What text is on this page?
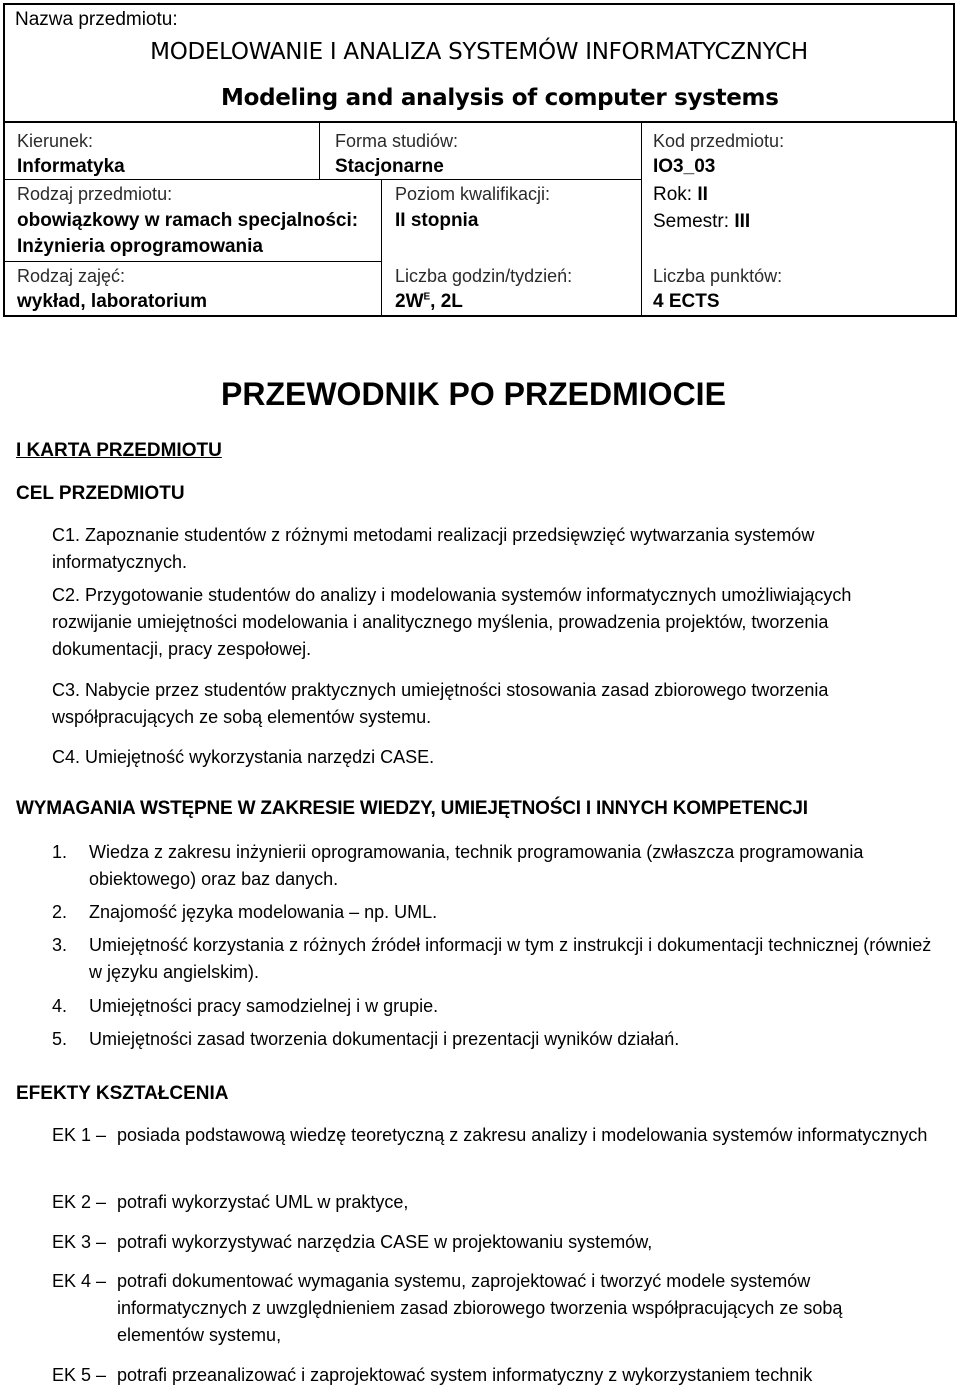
Nazwa przedmiotu:
MODELOWANIE I ANALIZA SYSTEMÓW INFORMATYCZNYCH
Modeling and analysis of computer systems
Kierunek:
Informatyka
Forma studiów:
Stacjonarne
Kod przedmiotu:
IO3_03
Rodzaj przedmiotu:
obowiązkowy w ramach specjalności:
Inżynieria oprogramowania
Poziom kwalifikacji:
II stopnia
Rok: II
Semestr: III
Rodzaj zajęć:
wykład, laboratorium
Liczba godzin/tydzień:
$2W^E$, 2L
Liczba punktów:
4 ECTS
PRZEWODNIK PO PRZEDMIOCIE
I KARTA PRZEDMIOTU
CEL PRZEDMIOTU
C1. Zapoznanie studentów z różnymi metodami realizacji przedsięwzięć wytwarzania systemów informatycznych.
C2. Przygotowanie studentów do analizy i modelowania systemów informatycznych umożliwiających rozwijanie umiejętności modelowania i analitycznego myślenia, prowadzenia projektów, tworzenia dokumentacji, pracy zespołowej.
C3. Nabycie przez studentów praktycznych umiejętności stosowania zasad zbiorowego tworzenia współpracujących ze sobą elementów systemu.
C4. Umiejętność wykorzystania narzędzi CASE.
WYMAGANIA WSTĘPNE W ZAKRESIE WIEDZY, UMIEJĘTNOŚCI I INNYCH KOMPETENCJI
1. Wiedza z zakresu inżynierii oprogramowania, technik programowania (zwłaszcza programowania obiektowego) oraz baz danych.
2. Znajomość języka modelowania – np. UML.
3. Umiejętność korzystania z różnych źródeł informacji w tym z instrukcji i dokumentacji technicznej (również w języku angielskim).
4. Umiejętności pracy samodzielnej i w grupie.
5. Umiejętności zasad tworzenia dokumentacji i prezentacji wyników działań.
EFEKTY KSZTAŁCENIA
EK 1 – posiada podstawową wiedzę teoretyczną z zakresu analizy i modelowania systemów informatycznych
EK 2 – potrafi wykorzystać UML w praktyce,
EK 3 – potrafi wykorzystywać narzędzia CASE w projektowaniu systemów,
EK 4 – potrafi dokumentować wymagania systemu, zaprojektować i tworzyć modele systemów informatycznych z uwzględnieniem zasad zbiorowego tworzenia współpracujących ze sobą elementów systemu,
EK 5 – potrafi przeanalizować i zaprojektować system informatyczny z wykorzystaniem technik
